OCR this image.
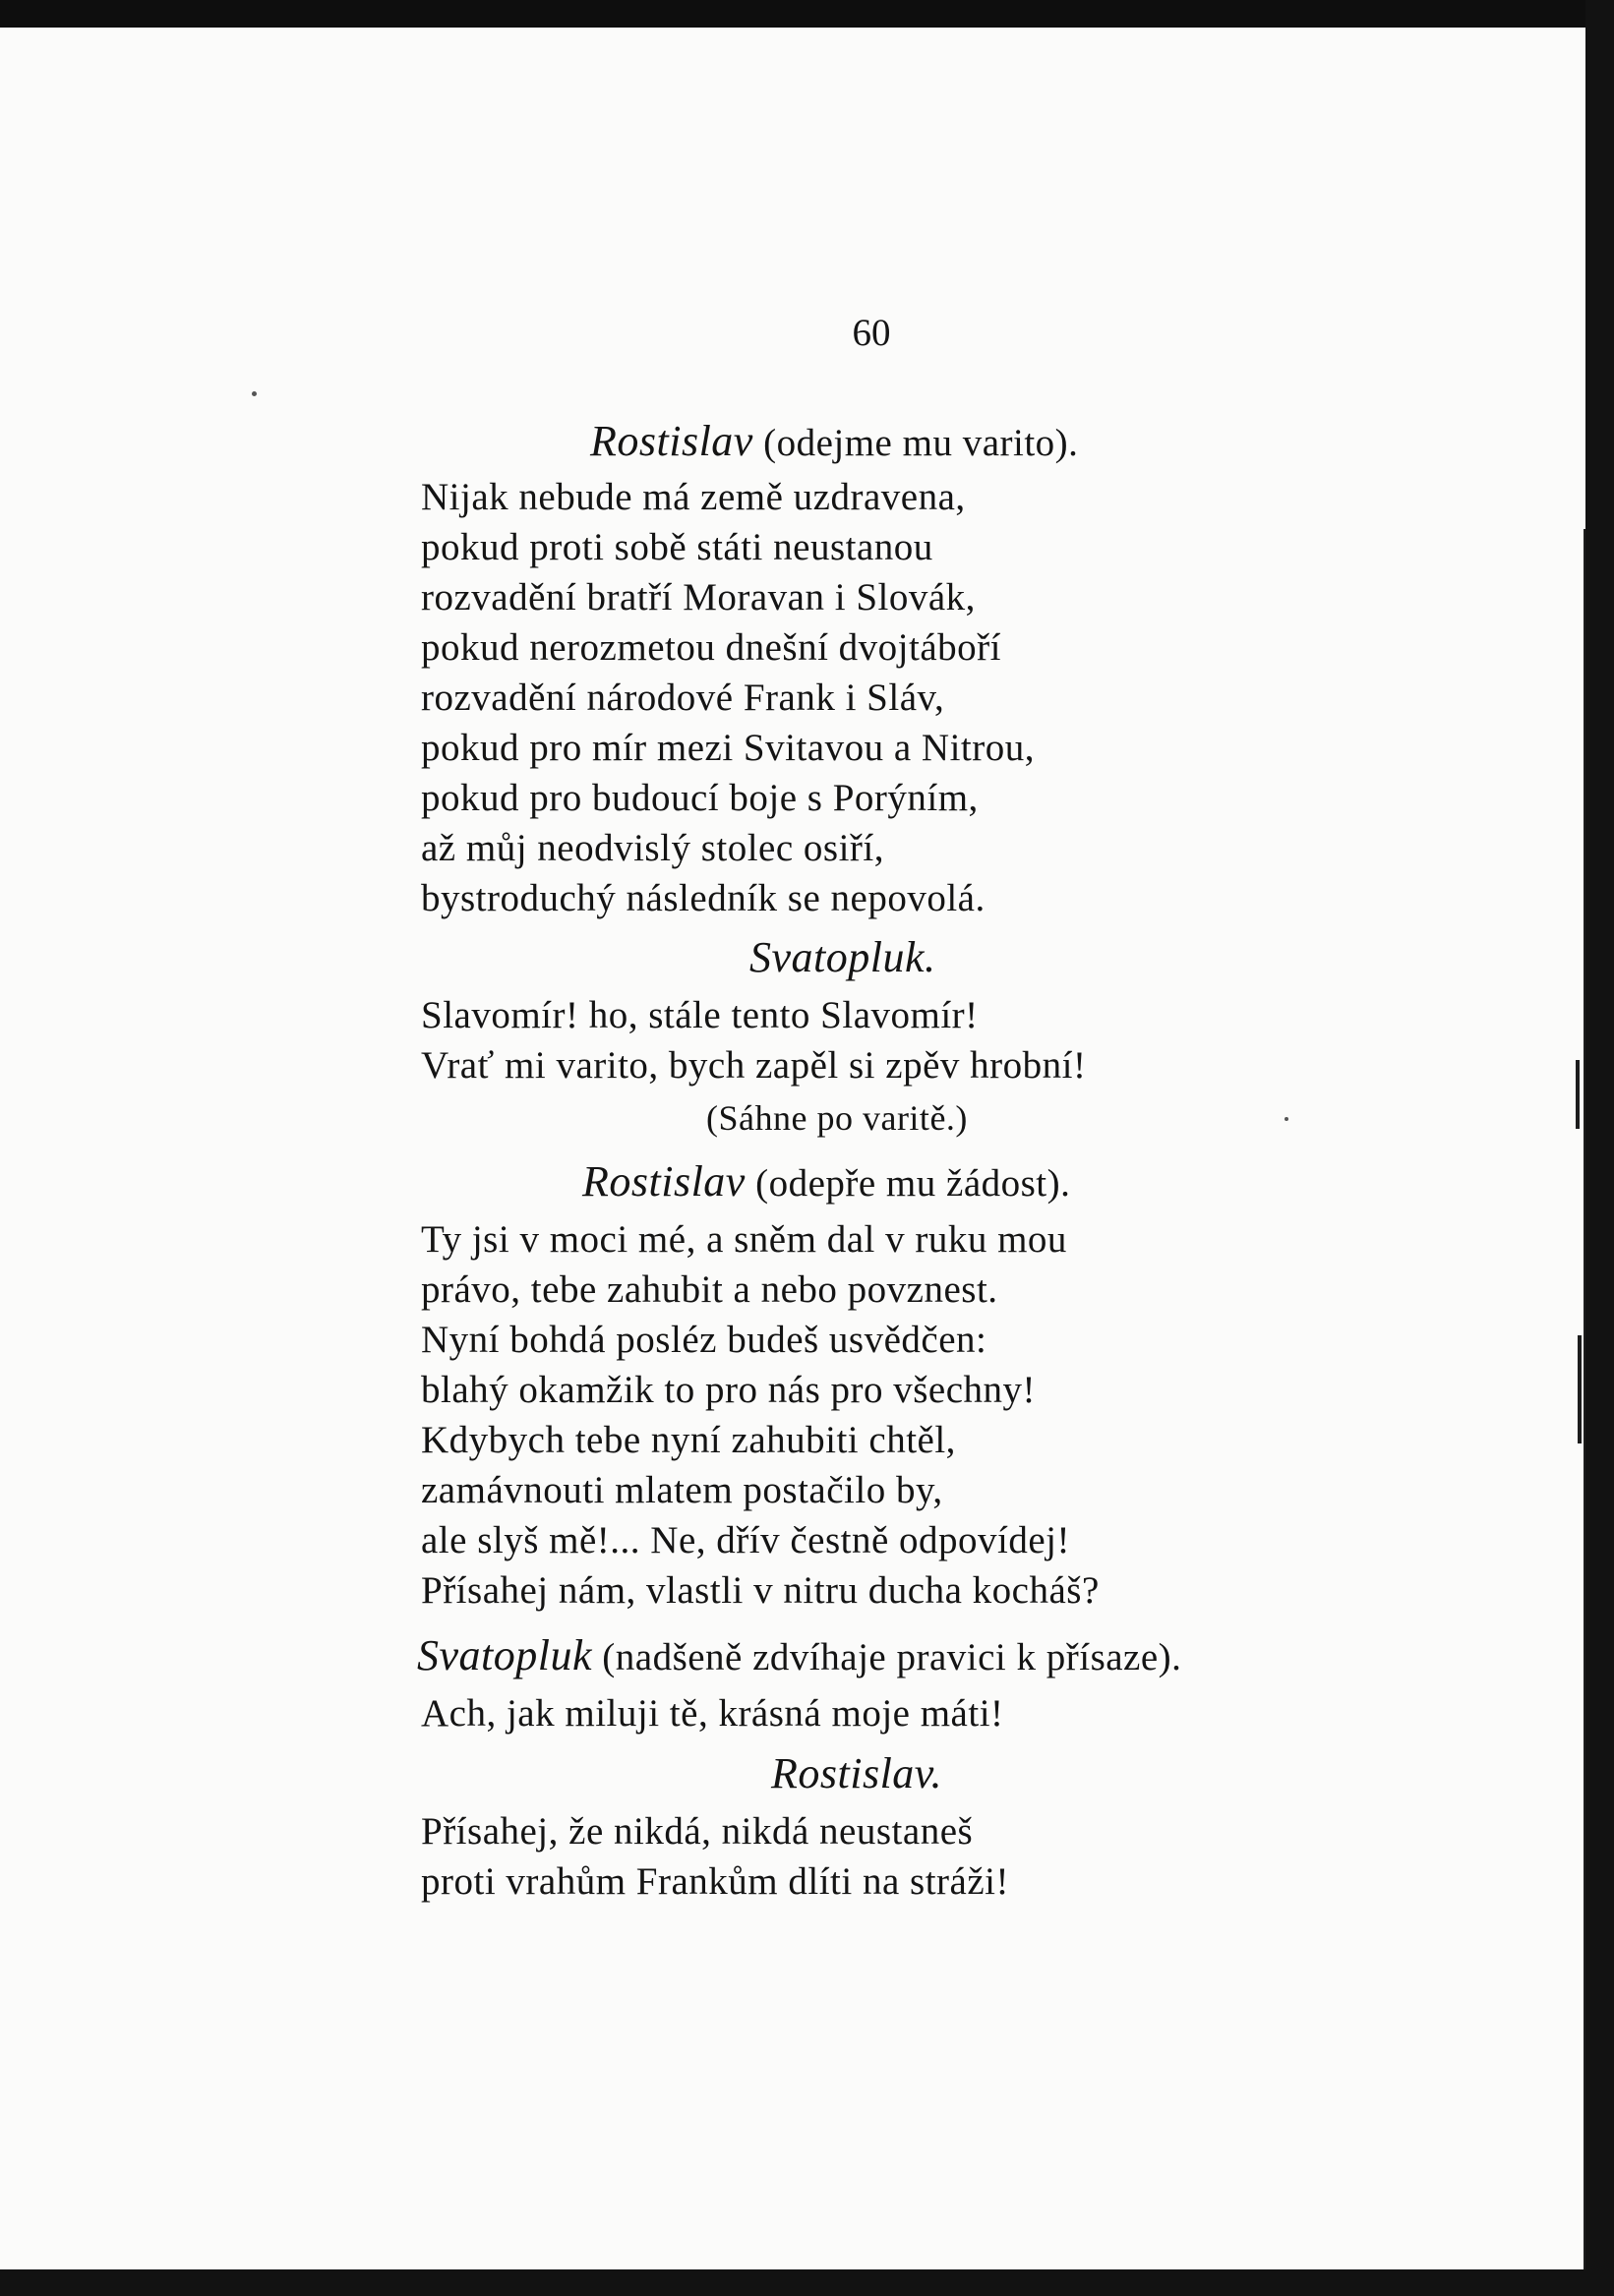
60
Rostislav (odejme mu varito).
Nijak nebude má země uzdravena,
pokud proti sobě státi neustanou
rozvadění bratří Moravan i Slovák,
pokud nerozmetou dnešní dvojtáboří
rozvadění národové Frank i Sláv,
pokud pro mír mezi Svitavou a Nitrou,
pokud pro budoucí boje s Porýním,
až můj neodvislý stolec osiří,
bystroduchý následník se nepovolá.
Svatopluk.
Slavomír! ho, stále tento Slavomír!
Vrať mi varito, bych zapěl si zpěv hrobní!
(Sáhne po varitě.)
Rostislav (odepře mu žádost).
Ty jsi v moci mé, a sněm dal v ruku mou
právo, tebe zahubit a nebo povznest.
Nyní bohdá posléz budeš usvědčen:
blahý okamžik to pro nás pro všechny!
Kdybych tebe nyní zahubiti chtěl,
zamávnouti mlatem postačilo by,
ale slyš mě!... Ne, dřív čestně odpovídej!
Přísahej nám, vlastli v nitru ducha kocháš?
Svatopluk (nadšeně zdvíhaje pravici k přísaze).
Ach, jak miluji tě, krásná moje máti!
Rostislav.
Přísahej, že nikdá, nikdá neustaneš
proti vrahům Frankům dlíti na stráži!
